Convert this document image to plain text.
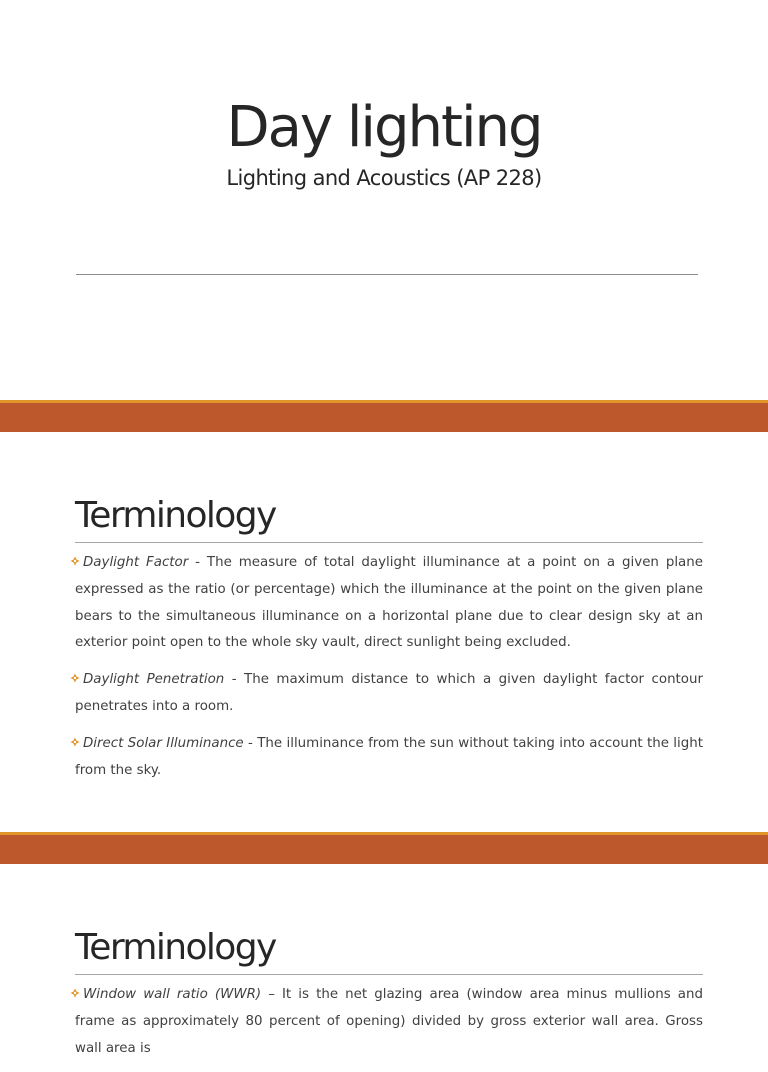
Day lighting
Lighting and Acoustics (AP 228)
Terminology
Daylight Factor - The measure of total daylight illuminance at a point on a given plane expressed as the ratio (or percentage) which the illuminance at the point on the given plane bears to the simultaneous illuminance on a horizontal plane due to clear design sky at an exterior point open to the whole sky vault, direct sunlight being excluded.
Daylight Penetration - The maximum distance to which a given daylight factor contour penetrates into a room.
Direct Solar Illuminance - The illuminance from the sun without taking into account the light from the sky.
Terminology
Window wall ratio (WWR) – It is the net glazing area (window area minus mullions and frame as approximately 80 percent of opening) divided by gross exterior wall area. Gross wall area is
